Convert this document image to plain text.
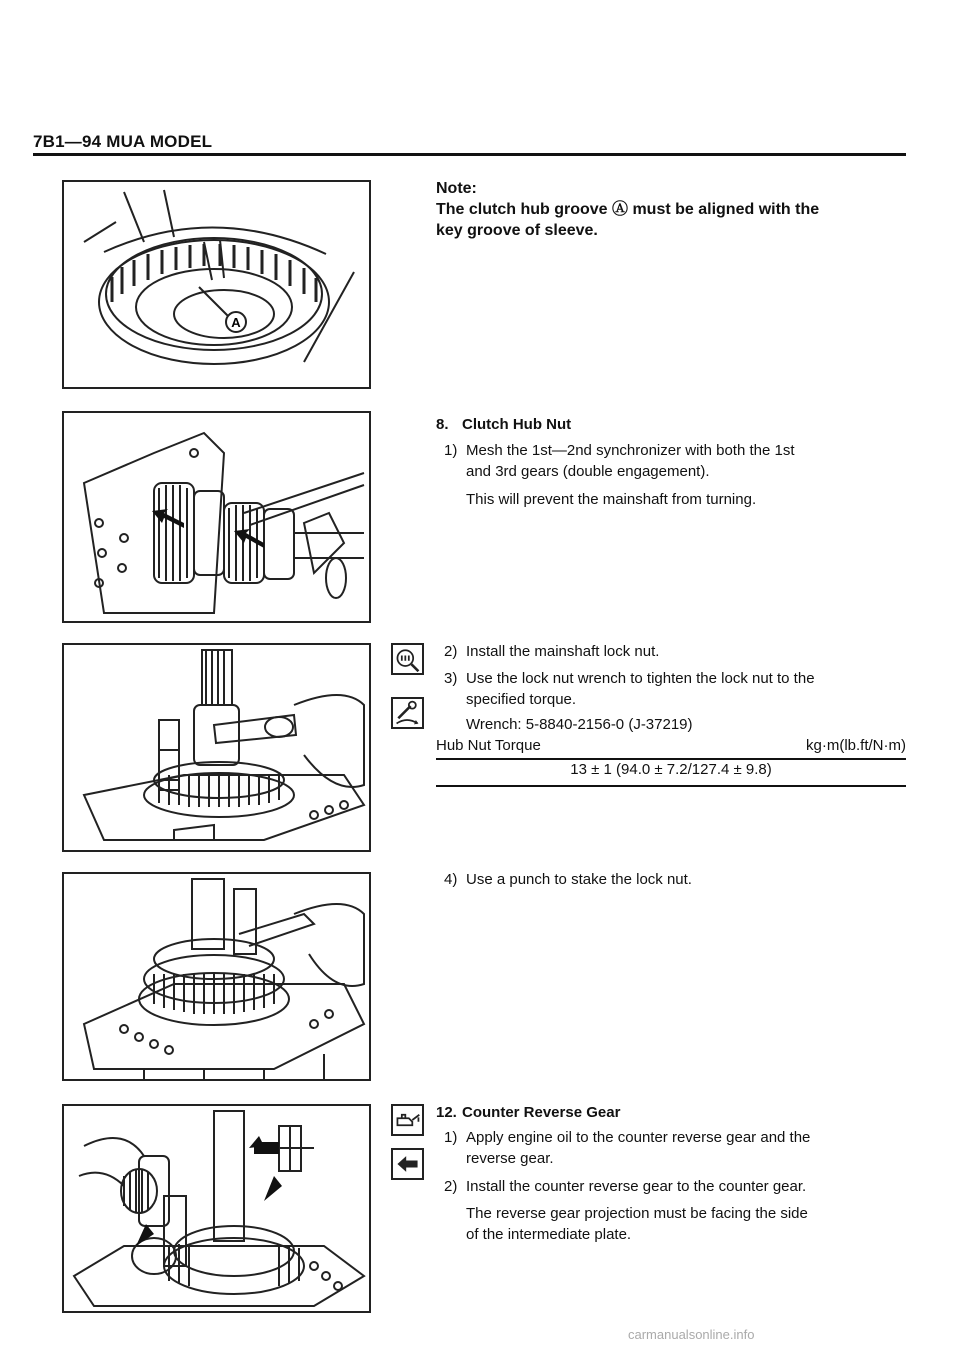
7B1—94 MUA MODEL
A
Note:
The clutch hub groove Ⓐ must be aligned with the
key groove of sleeve.
8. Clutch Hub Nut
1) Mesh the 1st—2nd synchronizer with both the 1st
and 3rd gears (double engagement).
This will prevent the mainshaft from turning.
2) Install the mainshaft lock nut.
3) Use the lock nut wrench to tighten the lock nut to the
specified torque.
Wrench: 5-8840-2156-0 (J-37219)
Hub Nut Torque	kg·m(lb.ft/N·m)
13 ± 1 (94.0 ± 7.2/127.4 ± 9.8)
4) Use a punch to stake the lock nut.
12. Counter Reverse Gear
1) Apply engine oil to the counter reverse gear and the
reverse gear.
2) Install the counter reverse gear to the counter gear.
The reverse gear projection must be facing the side
of the intermediate plate.
carmanualsonline.info
